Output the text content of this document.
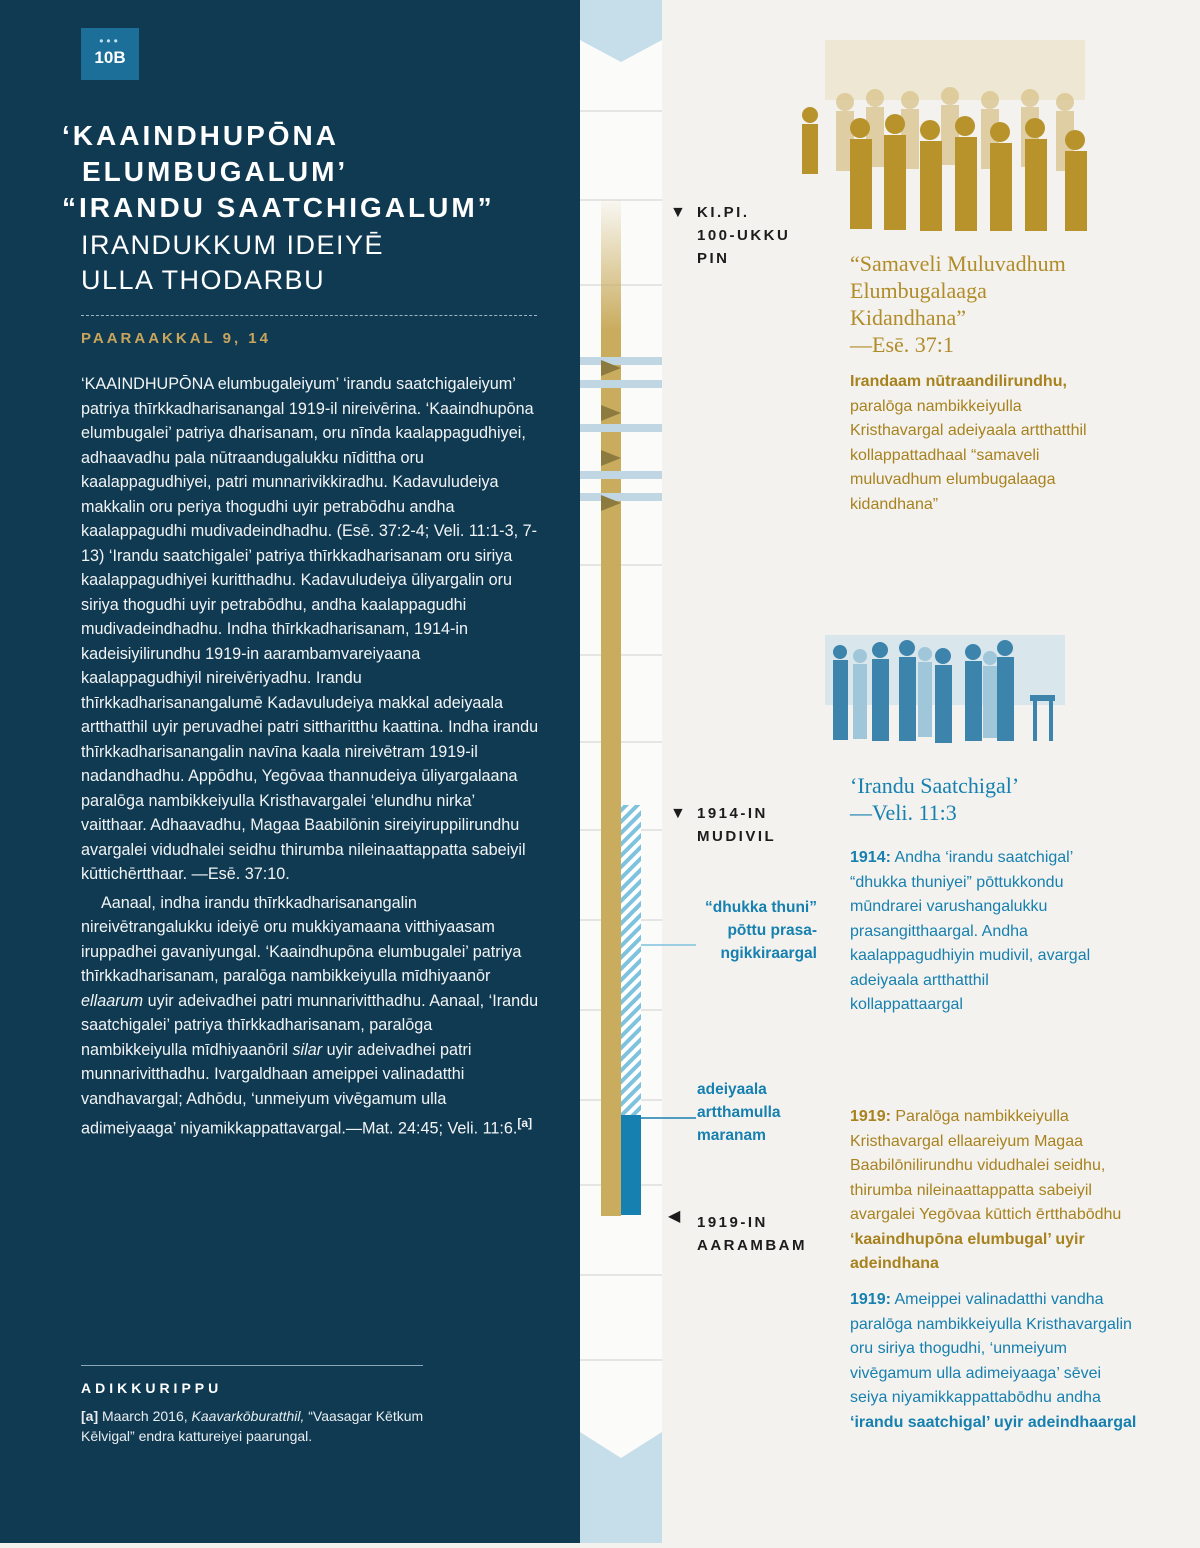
•••
10B
‘KAAINDHUPŌNA
ELUMBUGALUM’
“IRANDU SAATCHIGALUM”
IRANDUKKUM IDEIYĒ
ULLA THODARBU
PAARAAKKAL 9, 14

‘KAAINDHUPŌNA elumbugaleiyum’ ‘irandu saatchigaleiyum’ patriya thīrkkadharisanangal 1919-il nireivērina. ‘Kaaindhupōna elumbugalei’ patriya dharisanam, oru nīnda kaalappagudhiyei, adhaavadhu pala nūtraandugalukku nīdittha oru kaalappagudhiyei, patri munnarivikkiradhu. Kadavuludeiya makkalin oru periya thogudhi uyir petrabōdhu andha kaalappagudhi mudivadeindhadhu. (Esē. 37:2-4; Veli. 11:1-3, 7-13) ‘Irandu saatchigalei’ patriya thīrkkadharisanam oru siriya kaalappagudhiyei kuritthadhu. Kadavuludeiya ūliyargalin oru siriya thogudhi uyir petrabōdhu, andha kaalappagudhi mudivadeindhadhu. Indha thīrkkadharisanam, 1914-in kadeisiyilirundhu 1919-in aarambamvareiyaana kaalappagudhiyil nireivēriyadhu. Irandu thīrkkadharisanangalumē Kadavuludeiya makkal adeiyaala artthatthil uyir peruvadhei patri sittharitthu kaattina. Indha irandu thīrkkadharisanangalin navīna kaala nireivētram 1919-il nadandhadhu. Appōdhu, Yegōvaa thannudeiya ūliyargalaana paralōga nambikkeiyulla Kristhavargalei ‘elundhu nirka’ vaitthaar. Adhaavadhu, Magaa Baabilōnin sireiyiruppilirundhu avargalei vidudhalei seidhu thirumba nileinaattappatta sabeiyil kūttichērtthaar. —Esē. 37:10.

Aanaal, indha irandu thīrkkadharisanangalin nireivētrangalukku ideiyē oru mukkiyamaana vitthiyaasam iruppadhei gavaniyungal. ‘Kaaindhupōna elumbugalei’ patriya thīrkkadharisanam, paralōga nambikkeiyulla mīdhiyaanōr ellaarum uyir adeivadhei patri munnarivitthadhu. Aanaal, ‘Irandu saatchigalei’ patriya thīrkkadharisanam, paralōga nambikkeiyulla mīdhiyaanōril silar uyir adeivadhei patri munnarivitthadhu. Ivargaldhaan ameippei valinadatthi vandhavargal; Adhōdu, ‘unmeiyum vivēgamum ulla adimeiyaaga’ niyamikkappattavargal.—Mat. 24:45; Veli. 11:6.[a]

ADIKKURIPPU
[a] Maarch 2016, Kaavarkōburatthil, “Vaasagar Kētkum Kēlvigal” endra kattureiyei paarungal.
▼ KI.PI.
100-UKKU
PIN
▼ 1914-IN
MUDIVIL
◀ 1919-IN
AARAMBAM
“dhukka thuni”
pōttu prasa-
ngikkiraargal
adeiyaala
artthamulla
maranam
“Samaveli Muluvadhum
Elumbugalaaga
Kidandhana”
—Esē. 37:1
Irandaam nūtraandilirundhu, paralōga nambikkeiyulla Kristhavargal adeiyaala artthatthil kollappattadhaal “samaveli muluvadhum elumbugalaaga kidandhana”
‘Irandu Saatchigal’
—Veli. 11:3
1914: Andha ‘irandu saatchigal’ “dhukka thuniyei” pōttukkondu mūndrarei varushangalukku prasangitthaargal. Andha kaalappagudhiyin mudivil, avargal adeiyaala artthatthil kollappattaargal
1919: Paralōga nambikkeiyulla Kristhavargal ellaareiyum Magaa Baabilōnilirundhu vidudhalei seidhu, thirumba nileinaattappatta sabeiyil avargalei Yegōvaa kūttich ērtthabōdhu ‘kaaindhupōna elumbugal’ uyir adeindhana
1919: Ameippei valinadatthi vandha paralōga nambikkeiyulla Kristhavargalin oru siriya thogudhi, ‘unmeiyum vivēgamum ulla adimeiyaaga’ sēvei seiya niyamikkappattabōdhu andha ‘irandu saatchigal’ uyir adeindhaargal
